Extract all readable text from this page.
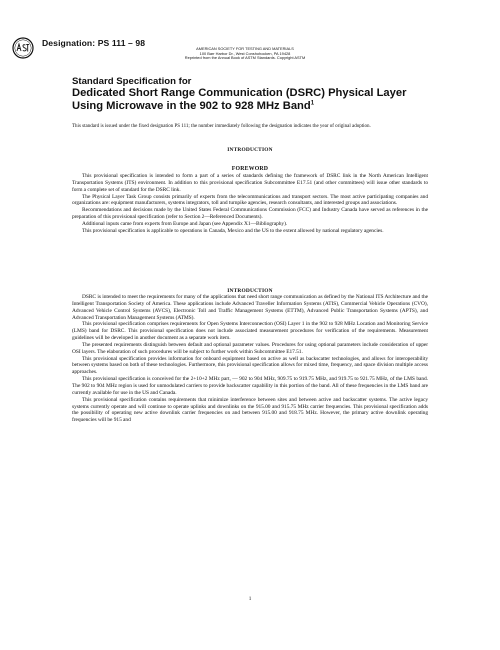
Designation: PS 111 – 98
AMERICAN SOCIETY FOR TESTING AND MATERIALS
100 Barr Harbor Dr., West Conshohocken, PA 19428
Reprinted from the Annual Book of ASTM Standards. Copyright ASTM
Standard Specification for
Dedicated Short Range Communication (DSRC) Physical Layer Using Microwave in the 902 to 928 MHz Band$^1$
This standard is issued under the fixed designation PS 111; the number immediately following the designation indicates the year of original adoption.
INTRODUCTION
FOREWORD

This provisional specification is intended to form a part of a series of standards defining the framework of DSRC link in the North American Intelligent Transportation Systems (ITS) environment. In addition to this provisional specification Subcommittee E17.51 (and other committees) will issue other standards to form a complete set of standard for the DSRC link.

The Physical Layer Task Group consists primarily of experts from the telecommunications and transport sectors. The most active participating companies and organizations are: equipment manufacturers, systems integrators, toll and turnpike agencies, research consultants, and interested groups and associations.

Recommendations and decisions made by the United States Federal Communications Commission (FCC) and Industry Canada have served as references in the preparation of this provisional specification (refer to Section 2—Referenced Documents).

Additional inputs came from experts from Europe and Japan (see Appendix X1—Bibliography).

This provisional specification is applicable to operations in Canada, Mexico and the US to the extent allowed by national regulatory agencies.

INTRODUCTION

DSRC is intended to meet the requirements for many of the applications that need short range communication as defined by the National ITS Architecture and the Intelligent Transportation Society of America. These applications include Advanced Traveller Information Systems (ATIS), Commercial Vehicle Operations (CVO), Advanced Vehicle Control Systems (AVCS), Electronic Toll and Traffic Management Systems (ETTM), Advanced Public Transportation Systems (APTS), and Advanced Transportation Management Systems (ATMS).

This provisional specification comprises requirements for Open Systems Interconnection (OSI) Layer 1 in the 902 to 928 MHz Location and Monitoring Service (LMS) band for DSRC. This provisional specification does not include associated measurement procedures for verification of the requirements. Measurement guidelines will be developed in another document as a separate work item.

The presented requirements distinguish between default and optional parameter values. Procedures for using optional parameters include consideration of upper OSI layers. The elaboration of such procedures will be subject to further work within Subcommittee E17.51.

This provisional specification provides information for onboard equipment based on active as well as backscatter technologies, and allows for interoperability between systems based on both of these technologies. Furthermore, this provisional specification allows for mixed time, frequency, and space division multiple access approaches.

This provisional specification is conceived for the 2+10+2 MHz part, — 902 to 904 MHz, 909.75 to 919.75 MHz, and 919.75 to 921.75 MHz, of the LMS band. The 902 to 904 MHz region is used for unmodulated carriers to provide backscatter capability in this portion of the band. All of these frequencies in the LMS band are currently available for use in the US and Canada.

This provisional specification contains requirements that minimize interference between sites and between active and backscatter systems. The active legacy systems currently operate and will continue to operate uplinks and downlinks on the 915.00 and 915.75 MHz carrier frequencies. This provisional specification adds the possibility of operating new active downlink carrier frequencies on and between 915.00 and 918.75 MHz. However, the primary active downlink operating frequencies will be 915 and

1
